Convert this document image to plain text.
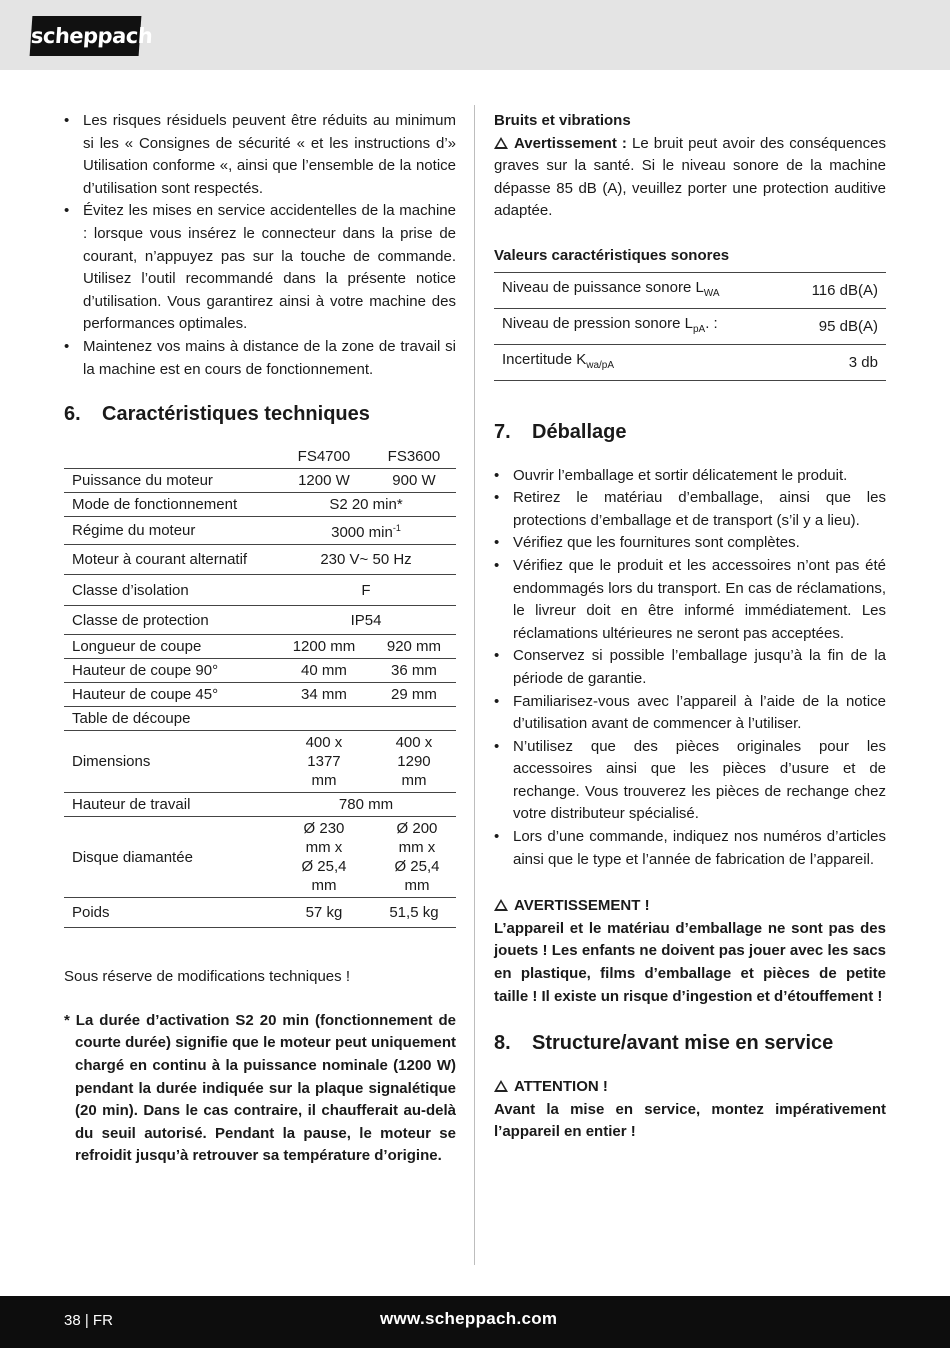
scheppach
• Les risques résiduels peuvent être réduits au minimum si les « Consignes de sécurité « et les instructions d’» Utilisation conforme «, ainsi que l’ensemble de la notice d’utilisation sont respectés.
• Évitez les mises en service accidentelles de la machine : lorsque vous insérez le connecteur dans la prise de courant, n’appuyez pas sur la touche de commande. Utilisez l’outil recommandé dans la présente notice d’utilisation. Vous garantirez ainsi à votre machine des performances optimales.
• Maintenez vos mains à distance de la zone de travail si la machine est en cours de fonctionnement.
6. Caractéristiques techniques
	FS4700	FS3600
Puissance du moteur	1200 W	900 W
Mode de fonctionnement	S2 20 min*	
Régime du moteur	3000 $\min^{-1}$
Moteur à courant alternatif	230 V~ 50 Hz	
Classe d’isolation	F	
Classe de protection	IP54	
Longueur de coupe	1200 mm	920 mm
Hauteur de coupe 90°	40 mm	36 mm
Hauteur de coupe 45°	34 mm	29 mm
Table de découpe		
Dimensions	400 x 1377 mm	400 x 1290 mm
Hauteur de travail	780 mm	
Disque diamantée	Ø 230 mm x Ø 25,4 mm	Ø 200 mm x Ø 25,4 mm
Poids	57 kg	51,5 kg

Sous réserve de modifications techniques !

* La durée d’activation S2 20 min (fonctionnement de courte durée) signifie que le moteur peut uniquement chargé en continu à la puissance nominale (1200 W) pendant la durée indiquée sur la plaque signalétique (20 min). Dans le cas contraire, il chaufferait au-delà du seuil autorisé. Pendant la pause, le moteur se refroidit jusqu’à retrouver sa température d’origine.

Bruits et vibrations

Avertissement : Le bruit peut avoir des conséquences graves sur la santé. Si le niveau sonore de la machine dépasse 85 dB (A), veuillez porter une protection auditive adaptée.

Valeurs caractéristiques sonores

Niveau de puissance sonore $L_{WA}$	116 dB(A)
Niveau de pression sonore $L_{pA}$. :	95 dB(A)
Incertitude $K_{wa/pA}$	3 db
7. Déballage
• Ouvrir l’emballage et sortir délicatement le produit.
• Retirez le matériau d’emballage, ainsi que les protections d’emballage et de transport (s’il y a lieu).
• Vérifiez que les fournitures sont complètes.
• Vérifiez que le produit et les accessoires n’ont pas été endommagés lors du transport. En cas de réclamations, le livreur doit en être informé immédiatement. Les réclamations ultérieures ne seront pas acceptées.
• Conservez si possible l’emballage jusqu’à la fin de la période de garantie.
• Familiarisez-vous avec l’appareil à l’aide de la notice d’utilisation avant de commencer à l’utiliser.
• N’utilisez que des pièces originales pour les accessoires ainsi que les pièces d’usure et de rechange. Vous trouverez les pièces de rechange chez votre distributeur spécialisé.
• Lors d’une commande, indiquez nos numéros d’articles ainsi que le type et l’année de fabrication de l’appareil.

AVERTISSEMENT !

L’appareil et le matériau d’emballage ne sont pas des jouets ! Les enfants ne doivent pas jouer avec les sacs en plastique, films d’emballage et pièces de petite taille ! Il existe un risque d’ingestion et d’étouffement !

8. Structure/avant mise en service

ATTENTION !

Avant la mise en service, montez impérativement l’appareil en entier !

38 | FR	www.scheppach.com
